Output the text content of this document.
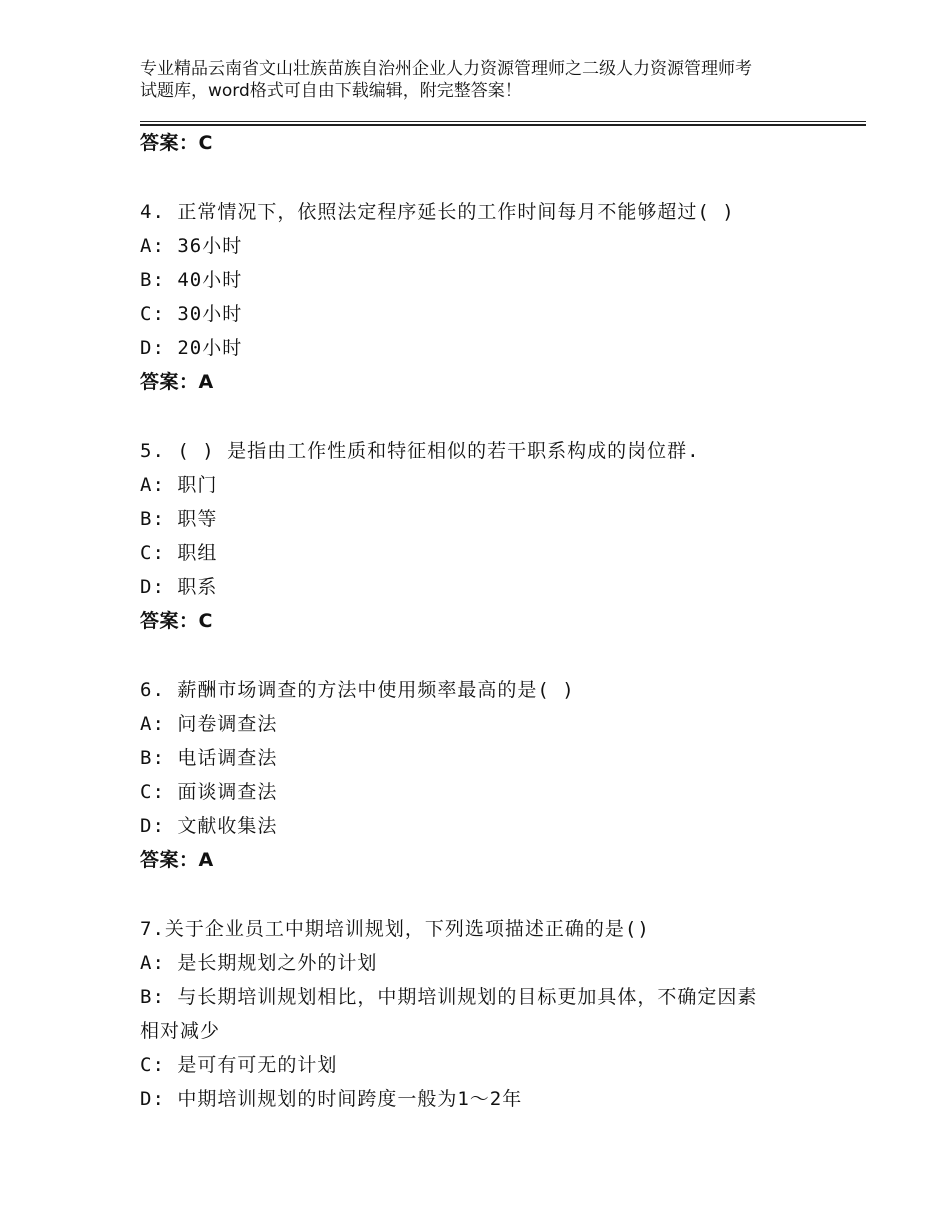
专业精品云南省文山壮族苗族自治州企业人力资源管理师之二级人力资源管理师考
试题库，word格式可自由下载编辑，附完整答案！
答案：C
4. 正常情况下，依照法定程序延长的工作时间每月不能够超过( )
A: 36小时
B: 40小时
C: 30小时
D: 20小时
答案：A
5. ( ) 是指由工作性质和特征相似的若干职系构成的岗位群.
A: 职门
B: 职等
C: 职组
D: 职系
答案：C
6. 薪酬市场调查的方法中使用频率最高的是( )
A: 问卷调查法
B: 电话调查法
C: 面谈调查法
D: 文献收集法
答案：A
7.关于企业员工中期培训规划，下列选项描述正确的是()
A: 是长期规划之外的计划
B: 与长期培训规划相比，中期培训规划的目标更加具体，不确定因素
相对减少
C: 是可有可无的计划
D: 中期培训规划的时间跨度一般为1～2年
